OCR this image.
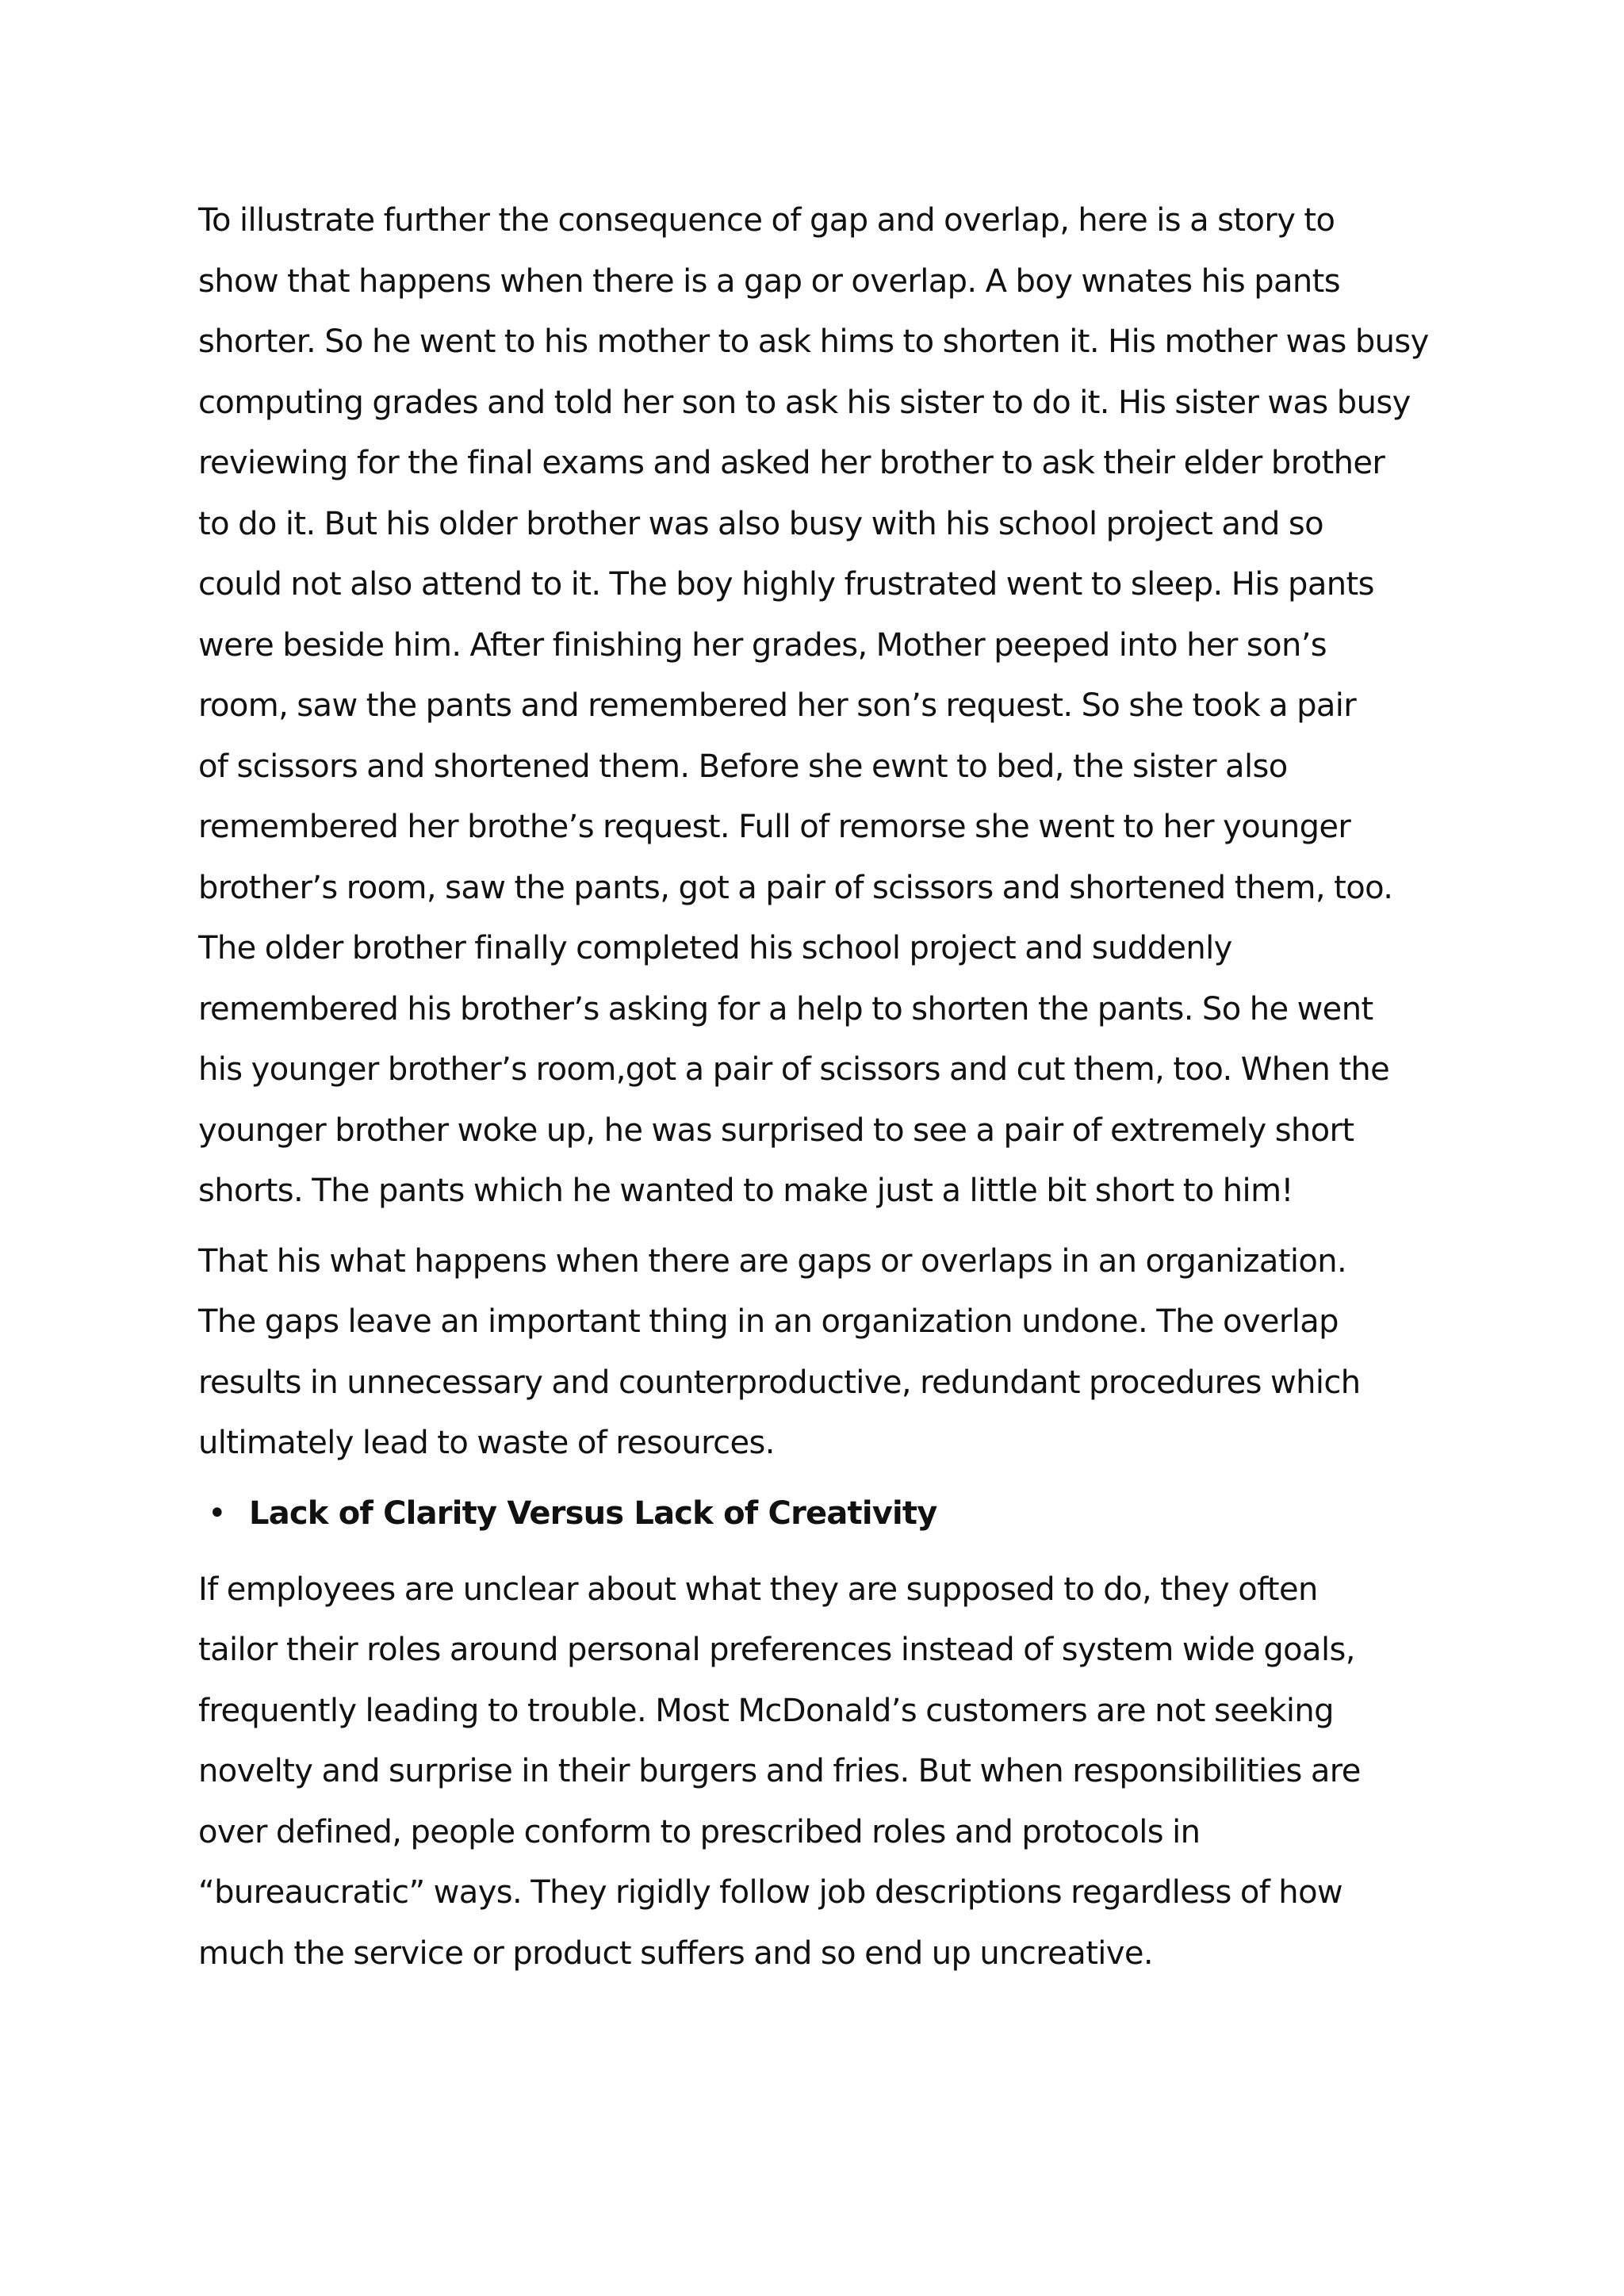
To illustrate further the consequence of gap and overlap, here is a story to
show that happens when there is a gap or overlap. A boy wnates his pants
shorter. So he went to his mother to ask hims to shorten it. His mother was busy
computing grades and told her son to ask his sister to do it. His sister was busy
reviewing for the final exams and asked her brother to ask their elder brother
to do it. But his older brother was also busy with his school project and so
could not also attend to it. The boy highly frustrated went to sleep. His pants
were beside him. After finishing her grades, Mother peeped into her son’s
room, saw the pants and remembered her son’s request. So she took a pair
of scissors and shortened them. Before she ewnt to bed, the sister also
remembered her brothe’s request. Full of remorse she went to her younger
brother’s room, saw the pants, got a pair of scissors and shortened them, too.
The older brother finally completed his school project and suddenly
remembered his brother’s asking for a help to shorten the pants. So he went
his younger brother’s room,got a pair of scissors and cut them, too. When the
younger brother woke up, he was surprised to see a pair of extremely short
shorts. The pants which he wanted to make just a little bit short to him!

That his what happens when there are gaps or overlaps in an organization.
The gaps leave an important thing in an organization undone. The overlap
results in unnecessary and counterproductive, redundant procedures which
ultimately lead to waste of resources.

• Lack of Clarity Versus Lack of Creativity

If employees are unclear about what they are supposed to do, they often
tailor their roles around personal preferences instead of system wide goals,
frequently leading to trouble. Most McDonald’s customers are not seeking
novelty and surprise in their burgers and fries. But when responsibilities are
over defined, people conform to prescribed roles and protocols in
“bureaucratic” ways. They rigidly follow job descriptions regardless of how
much the service or product suffers and so end up uncreative.
